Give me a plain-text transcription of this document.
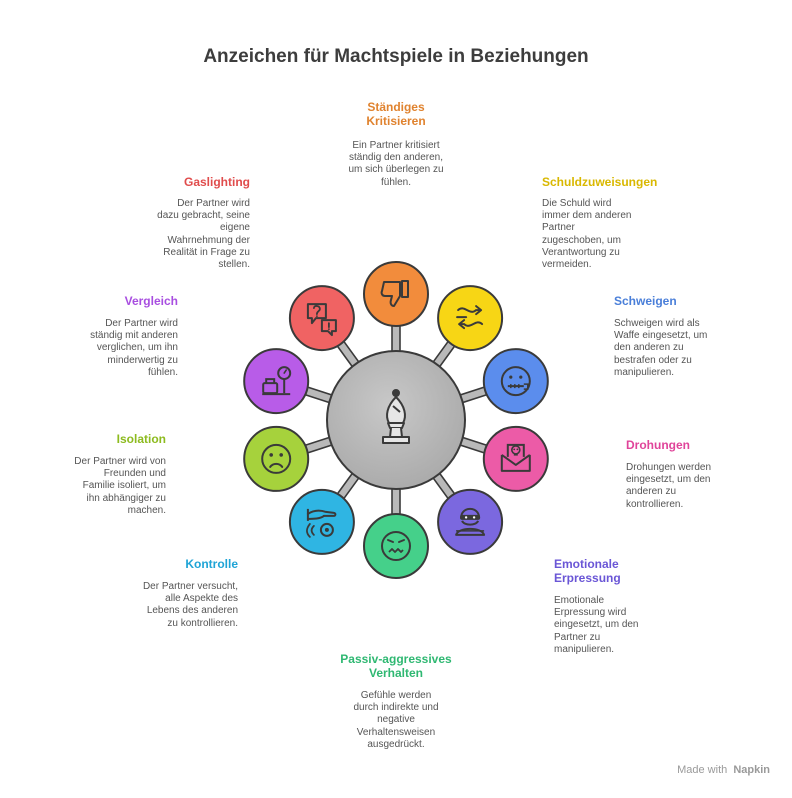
Anzeichen für Machtspiele in Beziehungen
Ständiges
Kritisieren
Ein Partner kritisiert
ständig den anderen,
um sich überlegen zu
fühlen.	Schuldzuweisungen
Die Schuld wird
immer dem anderen
Partner
zugeschoben, um
Verantwortung zu
vermeiden.
Schweigen
Schweigen wird als
Waffe eingesetzt, um
den anderen zu
bestrafen oder zu
manipulieren.
Drohungen
Drohungen werden
eingesetzt, um den
anderen zu
kontrollieren.
Emotionale
Erpressung
Emotionale
Erpressung wird
eingesetzt, um den
Partner zu
manipulieren.
Passiv-aggressives
Verhalten
Gefühle werden
durch indirekte und
negative
Verhaltensweisen
ausgedrückt.
Kontrolle
Der Partner versucht,
alle Aspekte des
Lebens des anderen
zu kontrollieren.
Isolation
Der Partner wird von
Freunden und
Familie isoliert, um
ihn abhängiger zu
machen.
Vergleich
Der Partner wird
ständig mit anderen
verglichen, um ihn
minderwertig zu
fühlen.
Gaslighting
Der Partner wird
dazu gebracht, seine
eigene
Wahrnehmung der
Realität in Frage zu
stellen.
Made with Napkin
